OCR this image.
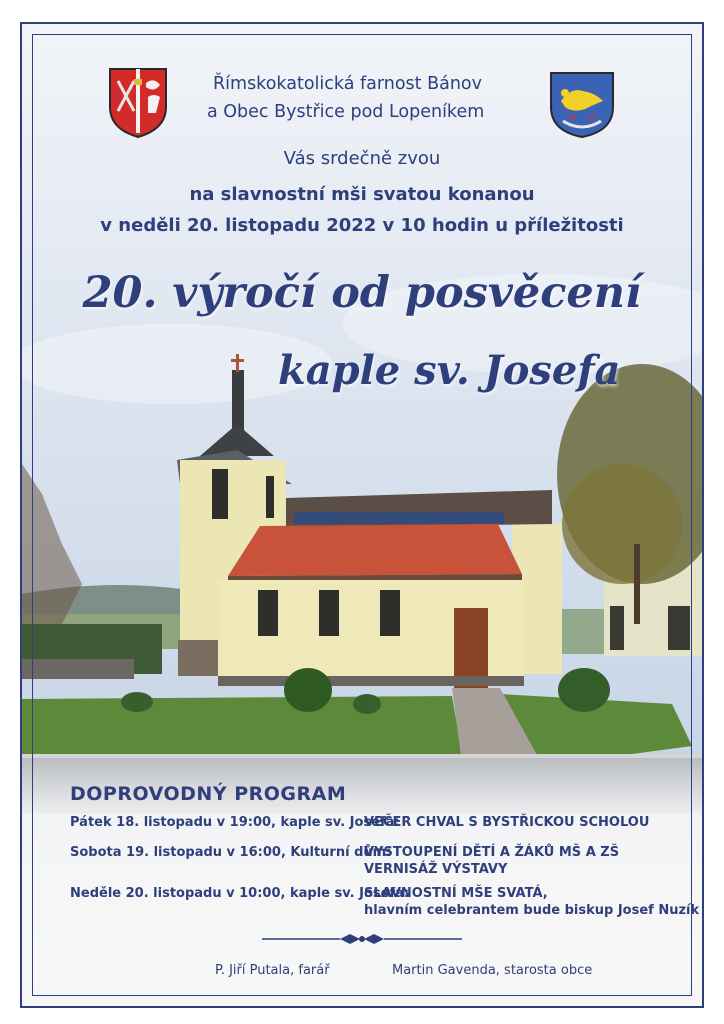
Římskokatolická farnost Bánov
a Obec Bystřice pod Lopeníkem
Vás srdečně zvou
na slavnostní mši svatou konanou
v neděli 20. listopadu 2022 v 10 hodin u příležitosti
20. výročí od posvěcení
kaple sv. Josefa
DOPROVODNÝ PROGRAM
Pátek 18. listopadu v 19:00, kaple sv. Josefa:
VEČER CHVAL S BYSTŘICKOU SCHOLOU
Sobota 19. listopadu v 16:00, Kulturní dům:
VYSTOUPENÍ DĚTÍ A ŽÁKŮ MŠ A ZŠ
VERNISÁŽ VÝSTAVY
Neděle 20. listopadu v 10:00, kaple sv. Josefa:
SLAVNOSTNÍ MŠE SVATÁ,
hlavním celebrantem bude biskup Josef Nuzík
P. Jiří Putala, farář	Martin Gavenda, starosta obce
